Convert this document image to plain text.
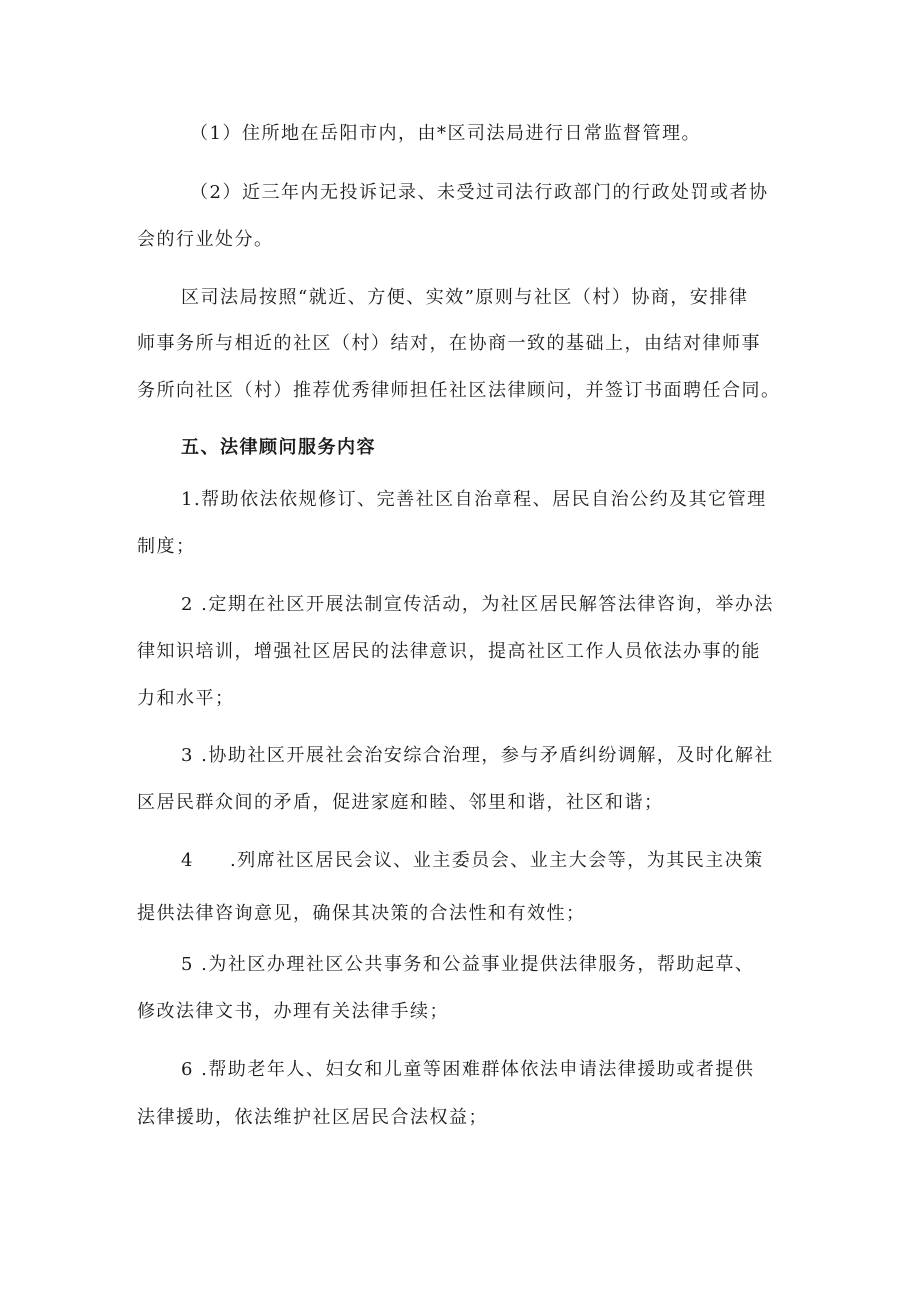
（1）住所地在岳阳市内，由*区司法局进行日常监督管理。
（2）近三年内无投诉记录、未受过司法行政部门的行政处罚或者协
会的行业处分。
区司法局按照“就近、方便、实效”原则与社区（村）协商，安排律
师事务所与相近的社区（村）结对，在协商一致的基础上，由结对律师事
务所向社区（村）推荐优秀律师担任社区法律顾问，并签订书面聘任合同。
五、法律顾问服务内容
1.帮助依法依规修订、完善社区自治章程、居民自治公约及其它管理
制度；
2 .定期在社区开展法制宣传活动，为社区居民解答法律咨询，举办法
律知识培训，增强社区居民的法律意识，提高社区工作人员依法办事的能
力和水平；
3 .协助社区开展社会治安综合治理，参与矛盾纠纷调解，及时化解社
区居民群众间的矛盾，促进家庭和睦、邻里和谐，社区和谐；
4 .列席社区居民会议、业主委员会、业主大会等，为其民主决策
提供法律咨询意见，确保其决策的合法性和有效性；
5 .为社区办理社区公共事务和公益事业提供法律服务，帮助起草、
修改法律文书，办理有关法律手续；
6 .帮助老年人、妇女和儿童等困难群体依法申请法律援助或者提供
法律援助，依法维护社区居民合法权益；
